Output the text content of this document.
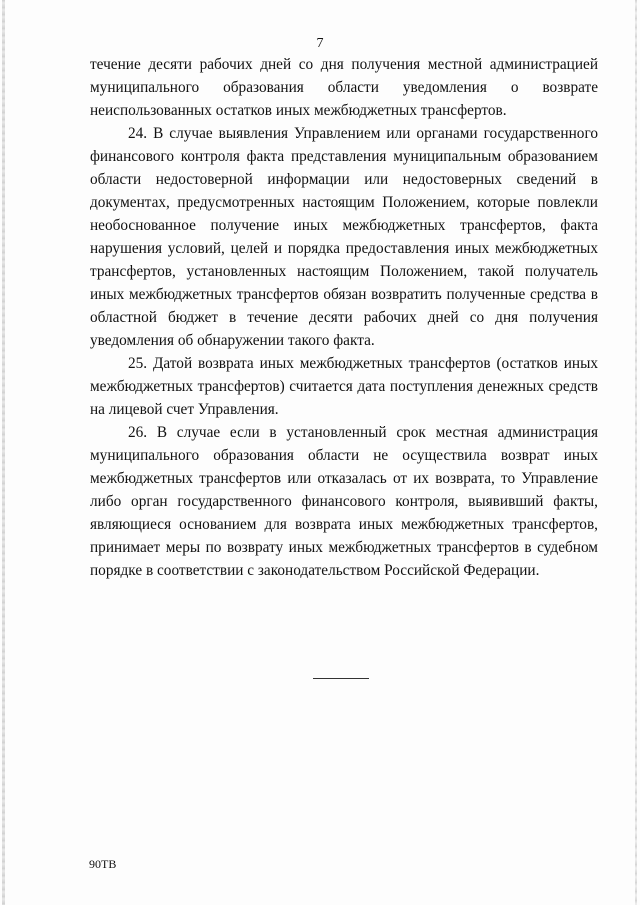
7

течение десяти рабочих дней со дня получения местной администрацией муниципального образования области уведомления о возврате неиспользованных остатков иных межбюджетных трансфертов.

24. В случае выявления Управлением или органами государственного финансового контроля факта представления муниципальным образованием области недостоверной информации или недостоверных сведений в документах, предусмотренных настоящим Положением, которые повлекли необоснованное получение иных межбюджетных трансфертов, факта нарушения условий, целей и порядка предоставления иных межбюджетных трансфертов, установленных настоящим Положением, такой получатель иных межбюджетных трансфертов обязан возвратить полученные средства в областной бюджет в течение десяти рабочих дней со дня получения уведомления об обнаружении такого факта.

25. Датой возврата иных межбюджетных трансфертов (остатков иных межбюджетных трансфертов) считается дата поступления денежных средств на лицевой счет Управления.

26. В случае если в установленный срок местная администрация муниципального образования области не осуществила возврат иных межбюджетных трансфертов или отказалась от их возврата, то Управление либо орган государственного финансового контроля, выявивший факты, являющиеся основанием для возврата иных межбюджетных трансфертов, принимает меры по возврату иных межбюджетных трансфертов в судебном порядке в соответствии с законодательством Российской Федерации.

90ТВ
